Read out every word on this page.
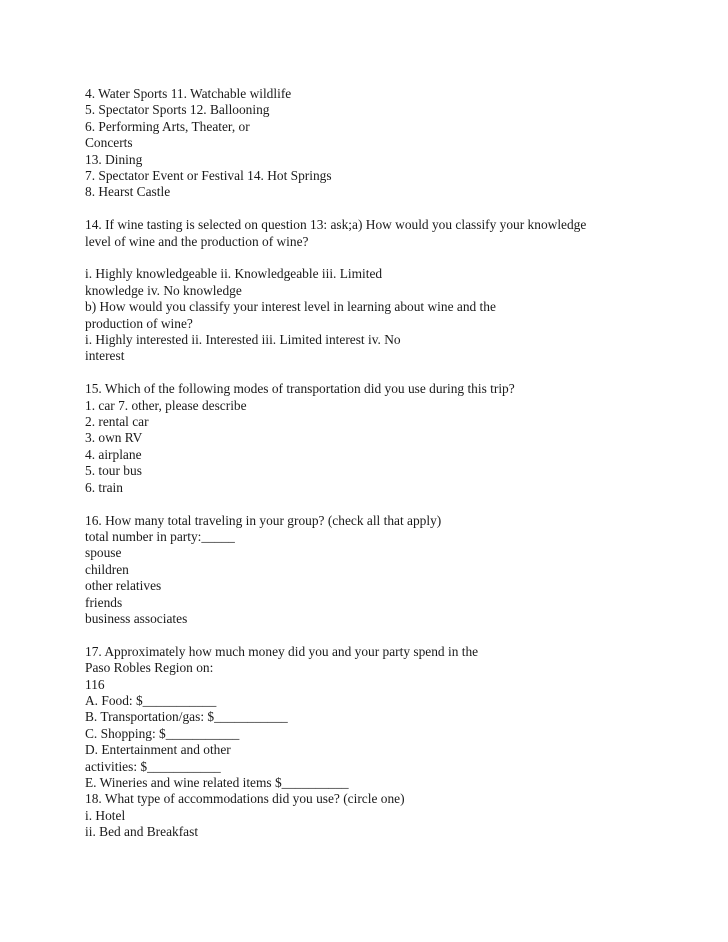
4. Water Sports 11. Watchable wildlife
5. Spectator Sports 12. Ballooning
6. Performing Arts, Theater, or
Concerts
13. Dining
7. Spectator Event or Festival 14. Hot Springs
8. Hearst Castle
14. If wine tasting is selected on question 13: ask;a) How would you classify your knowledge
level of wine and the production of wine?
i. Highly knowledgeable ii. Knowledgeable iii. Limited
knowledge iv. No knowledge
b) How would you classify your interest level in learning about wine and the
production of wine?
i. Highly interested ii. Interested iii. Limited interest iv. No
interest
15. Which of the following modes of transportation did you use during this trip?
1. car 7. other, please describe
2. rental car
3. own RV
4. airplane
5. tour bus
6. train
16. How many total traveling in your group? (check all that apply)
total number in party:_____
spouse
children
other relatives
friends
business associates
17. Approximately how much money did you and your party spend in the
Paso Robles Region on:
116
A. Food: $___________
B. Transportation/gas: $___________
C. Shopping: $___________
D. Entertainment and other
activities: $___________
E. Wineries and wine related items $__________
18. What type of accommodations did you use? (circle one)
i. Hotel
ii. Bed and Breakfast
